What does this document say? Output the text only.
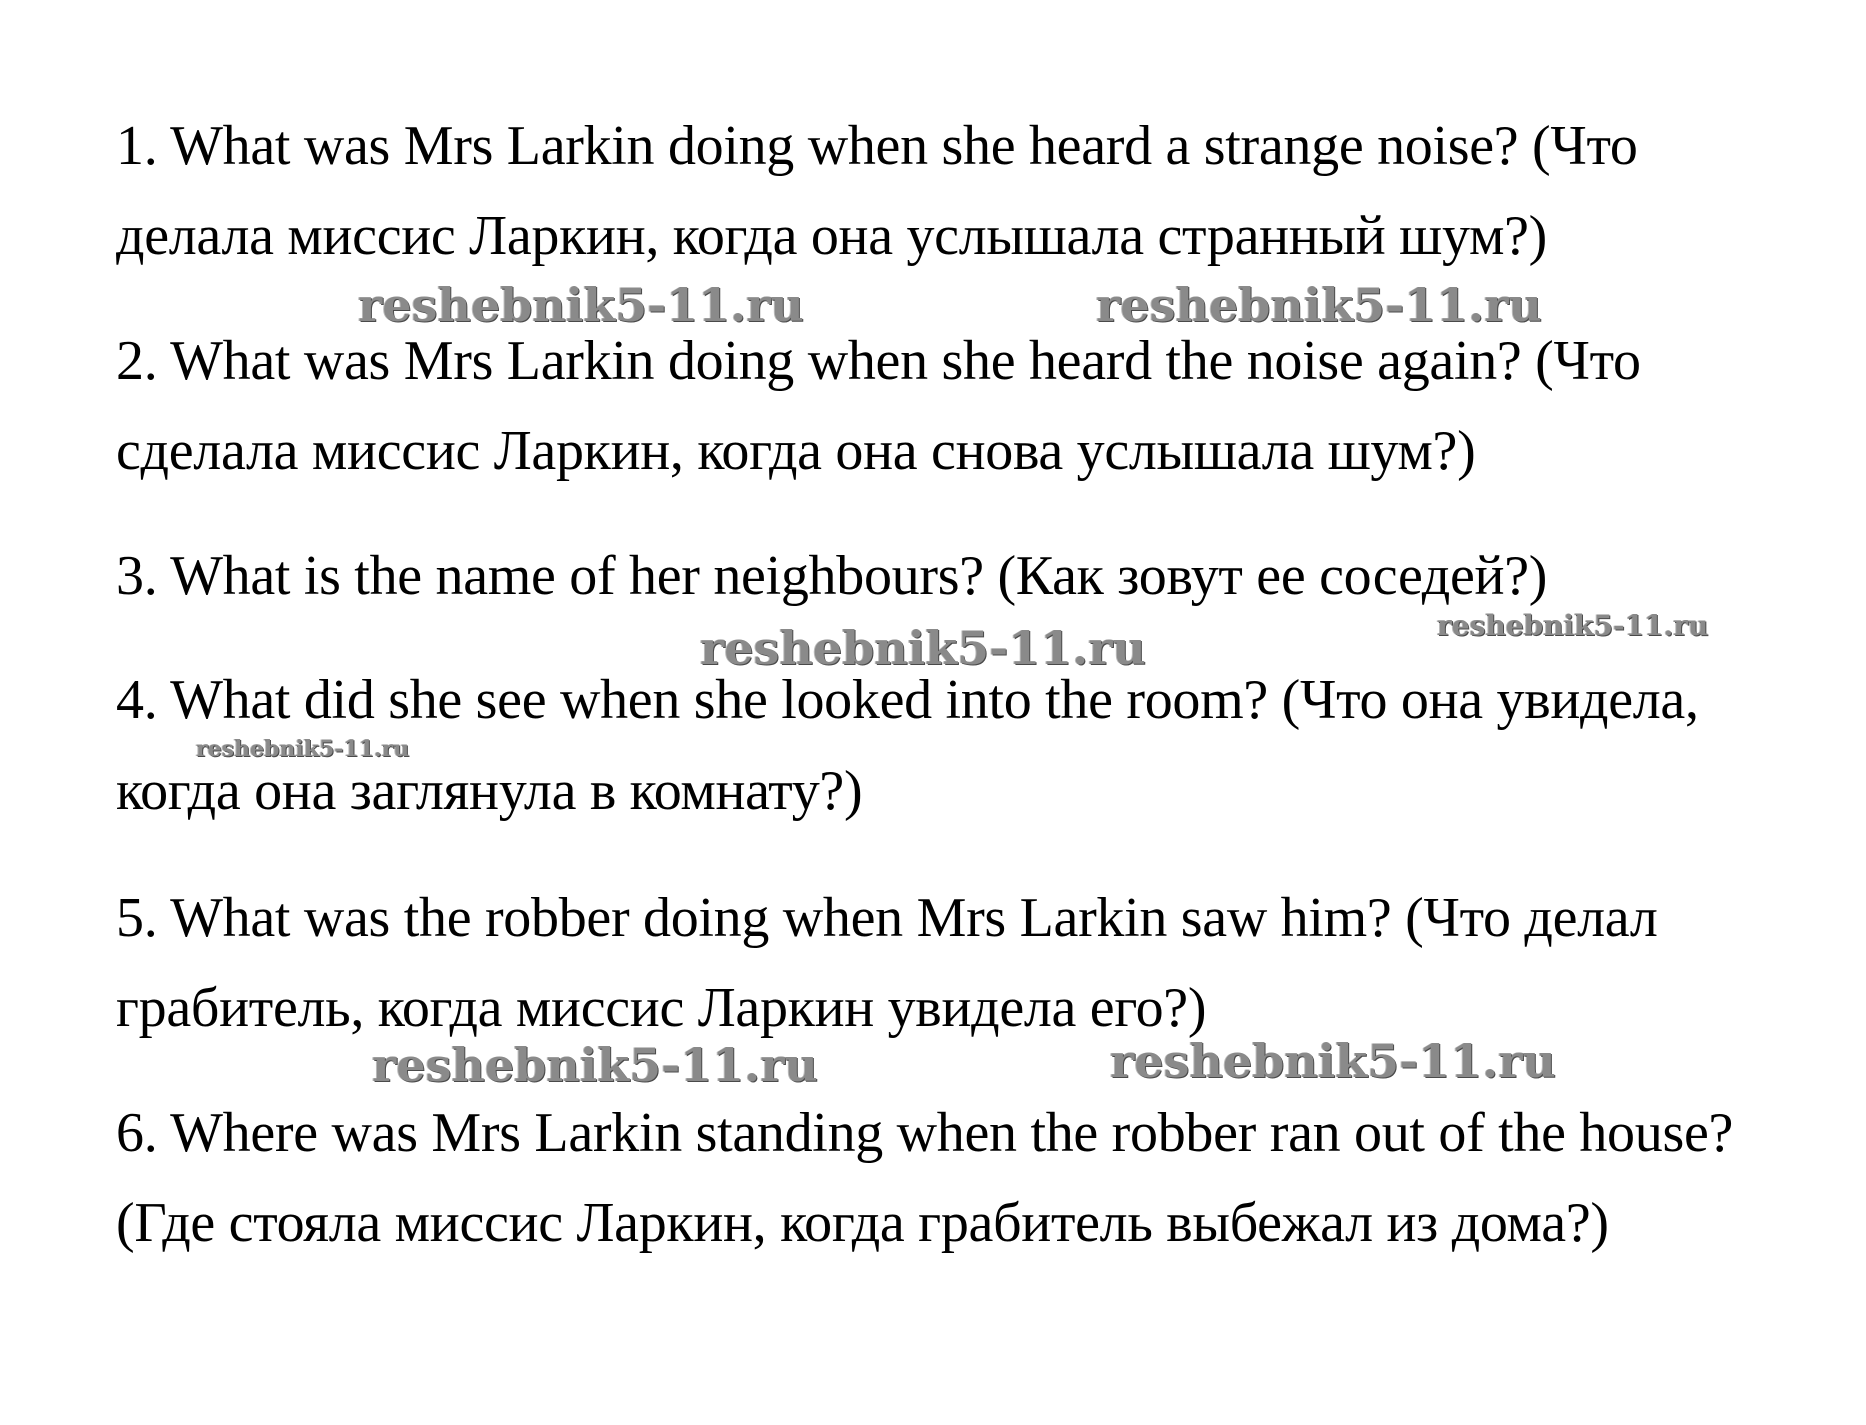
1. What was Mrs Larkin doing when she heard a strange noise? (Что
делала миссис Ларкин, когда она услышала странный шум?)
reshebnik5-11.ru	reshebnik5-11.ru
2. What was Mrs Larkin doing when she heard the noise again? (Что
сделала миссис Ларкин, когда она снова услышала шум?)
3. What is the name of her neighbours? (Как зовут ее соседей?)
reshebnik5-11.ru	reshebnik5-11.ru
4. What did she see when she looked into the room? (Что она увидела,
reshebnik5-11.ru
когда она заглянула в комнату?)
5. What was the robber doing when Mrs Larkin saw him? (Что делал
грабитель, когда миссис Ларкин увидела его?)
reshebnik5-11.ru	reshebnik5-11.ru
6. Where was Mrs Larkin standing when the robber ran out of the house?
(Где стояла миссис Ларкин, когда грабитель выбежал из дома?)
